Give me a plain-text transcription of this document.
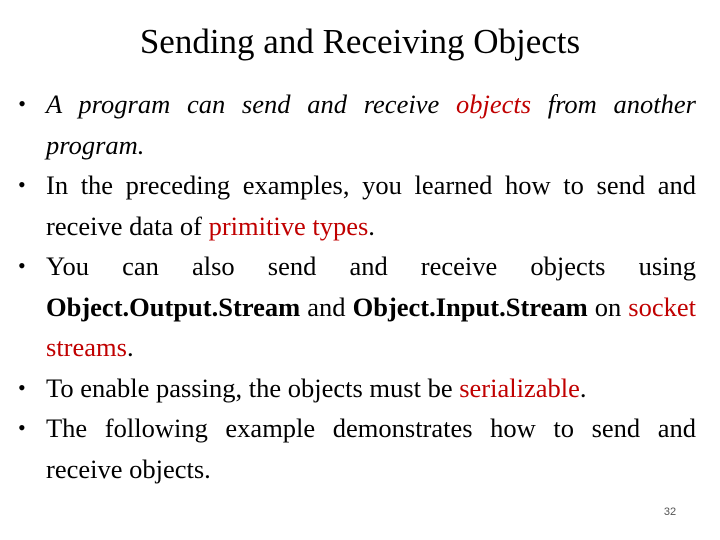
Sending and Receiving Objects
• A program can send and receive objects from another program.
• In the preceding examples, you learned how to send and receive data of primitive types.
• You can also send and receive objects using Object.Output.Stream and Object.Input.Stream on socket streams.
• To enable passing, the objects must be serializable.
• The following example demonstrates how to send and receive objects.
32
